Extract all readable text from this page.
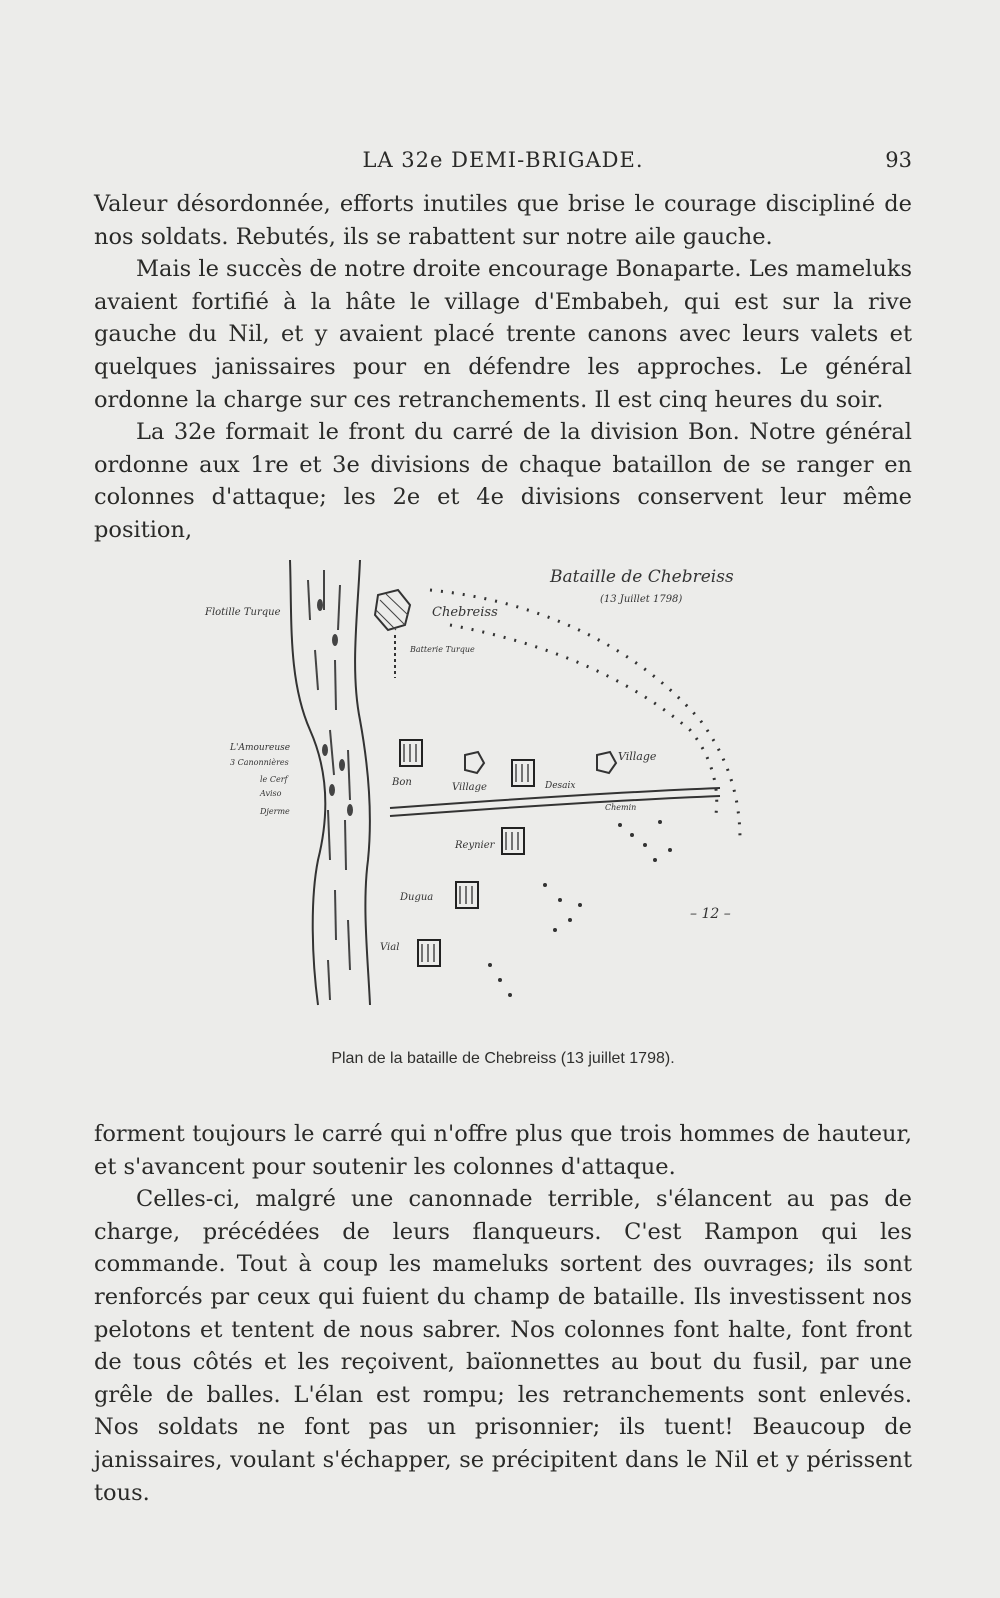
LA 32e DEMI-BRIGADE.	93

Valeur désordonnée, efforts inutiles que brise le courage discipliné de nos soldats. Rebutés, ils se rabattent sur notre aile gauche.

Mais le succès de notre droite encourage Bonaparte. Les mameluks avaient fortifié à la hâte le village d'Embabeh, qui est sur la rive gauche du Nil, et y avaient placé trente canons avec leurs valets et quelques janissaires pour en défendre les approches. Le général ordonne la charge sur ces retranchements. Il est cinq heures du soir.

La 32e formait le front du carré de la division Bon. Notre général ordonne aux 1re et 3e divisions de chaque bataillon de se ranger en colonnes d'attaque; les 2e et 4e divisions conservent leur même position,

Bataille de Chebreiss
(13 Juillet 1798)
Flotille Turque	Chebreiss
Batterie Turque
L'Amoureuse
3 Canonnières
le Cerf
Aviso
Djerme
Bon	Village	Desaix
Village
Chemin
Reynier
Dugua
Vial
– 12 –
Plan de la bataille de Chebreiss (13 juillet 1798).

forment toujours le carré qui n'offre plus que trois hommes de hauteur, et s'avancent pour soutenir les colonnes d'attaque.

Celles-ci, malgré une canonnade terrible, s'élancent au pas de charge, précédées de leurs flanqueurs. C'est Rampon qui les commande. Tout à coup les mameluks sortent des ouvrages; ils sont renforcés par ceux qui fuient du champ de bataille. Ils investissent nos pelotons et tentent de nous sabrer. Nos colonnes font halte, font front de tous côtés et les reçoivent, baïonnettes au bout du fusil, par une grêle de balles. L'élan est rompu; les retranchements sont enlevés. Nos soldats ne font pas un prisonnier; ils tuent! Beaucoup de janissaires, voulant s'échapper, se précipitent dans le Nil et y périssent tous.
